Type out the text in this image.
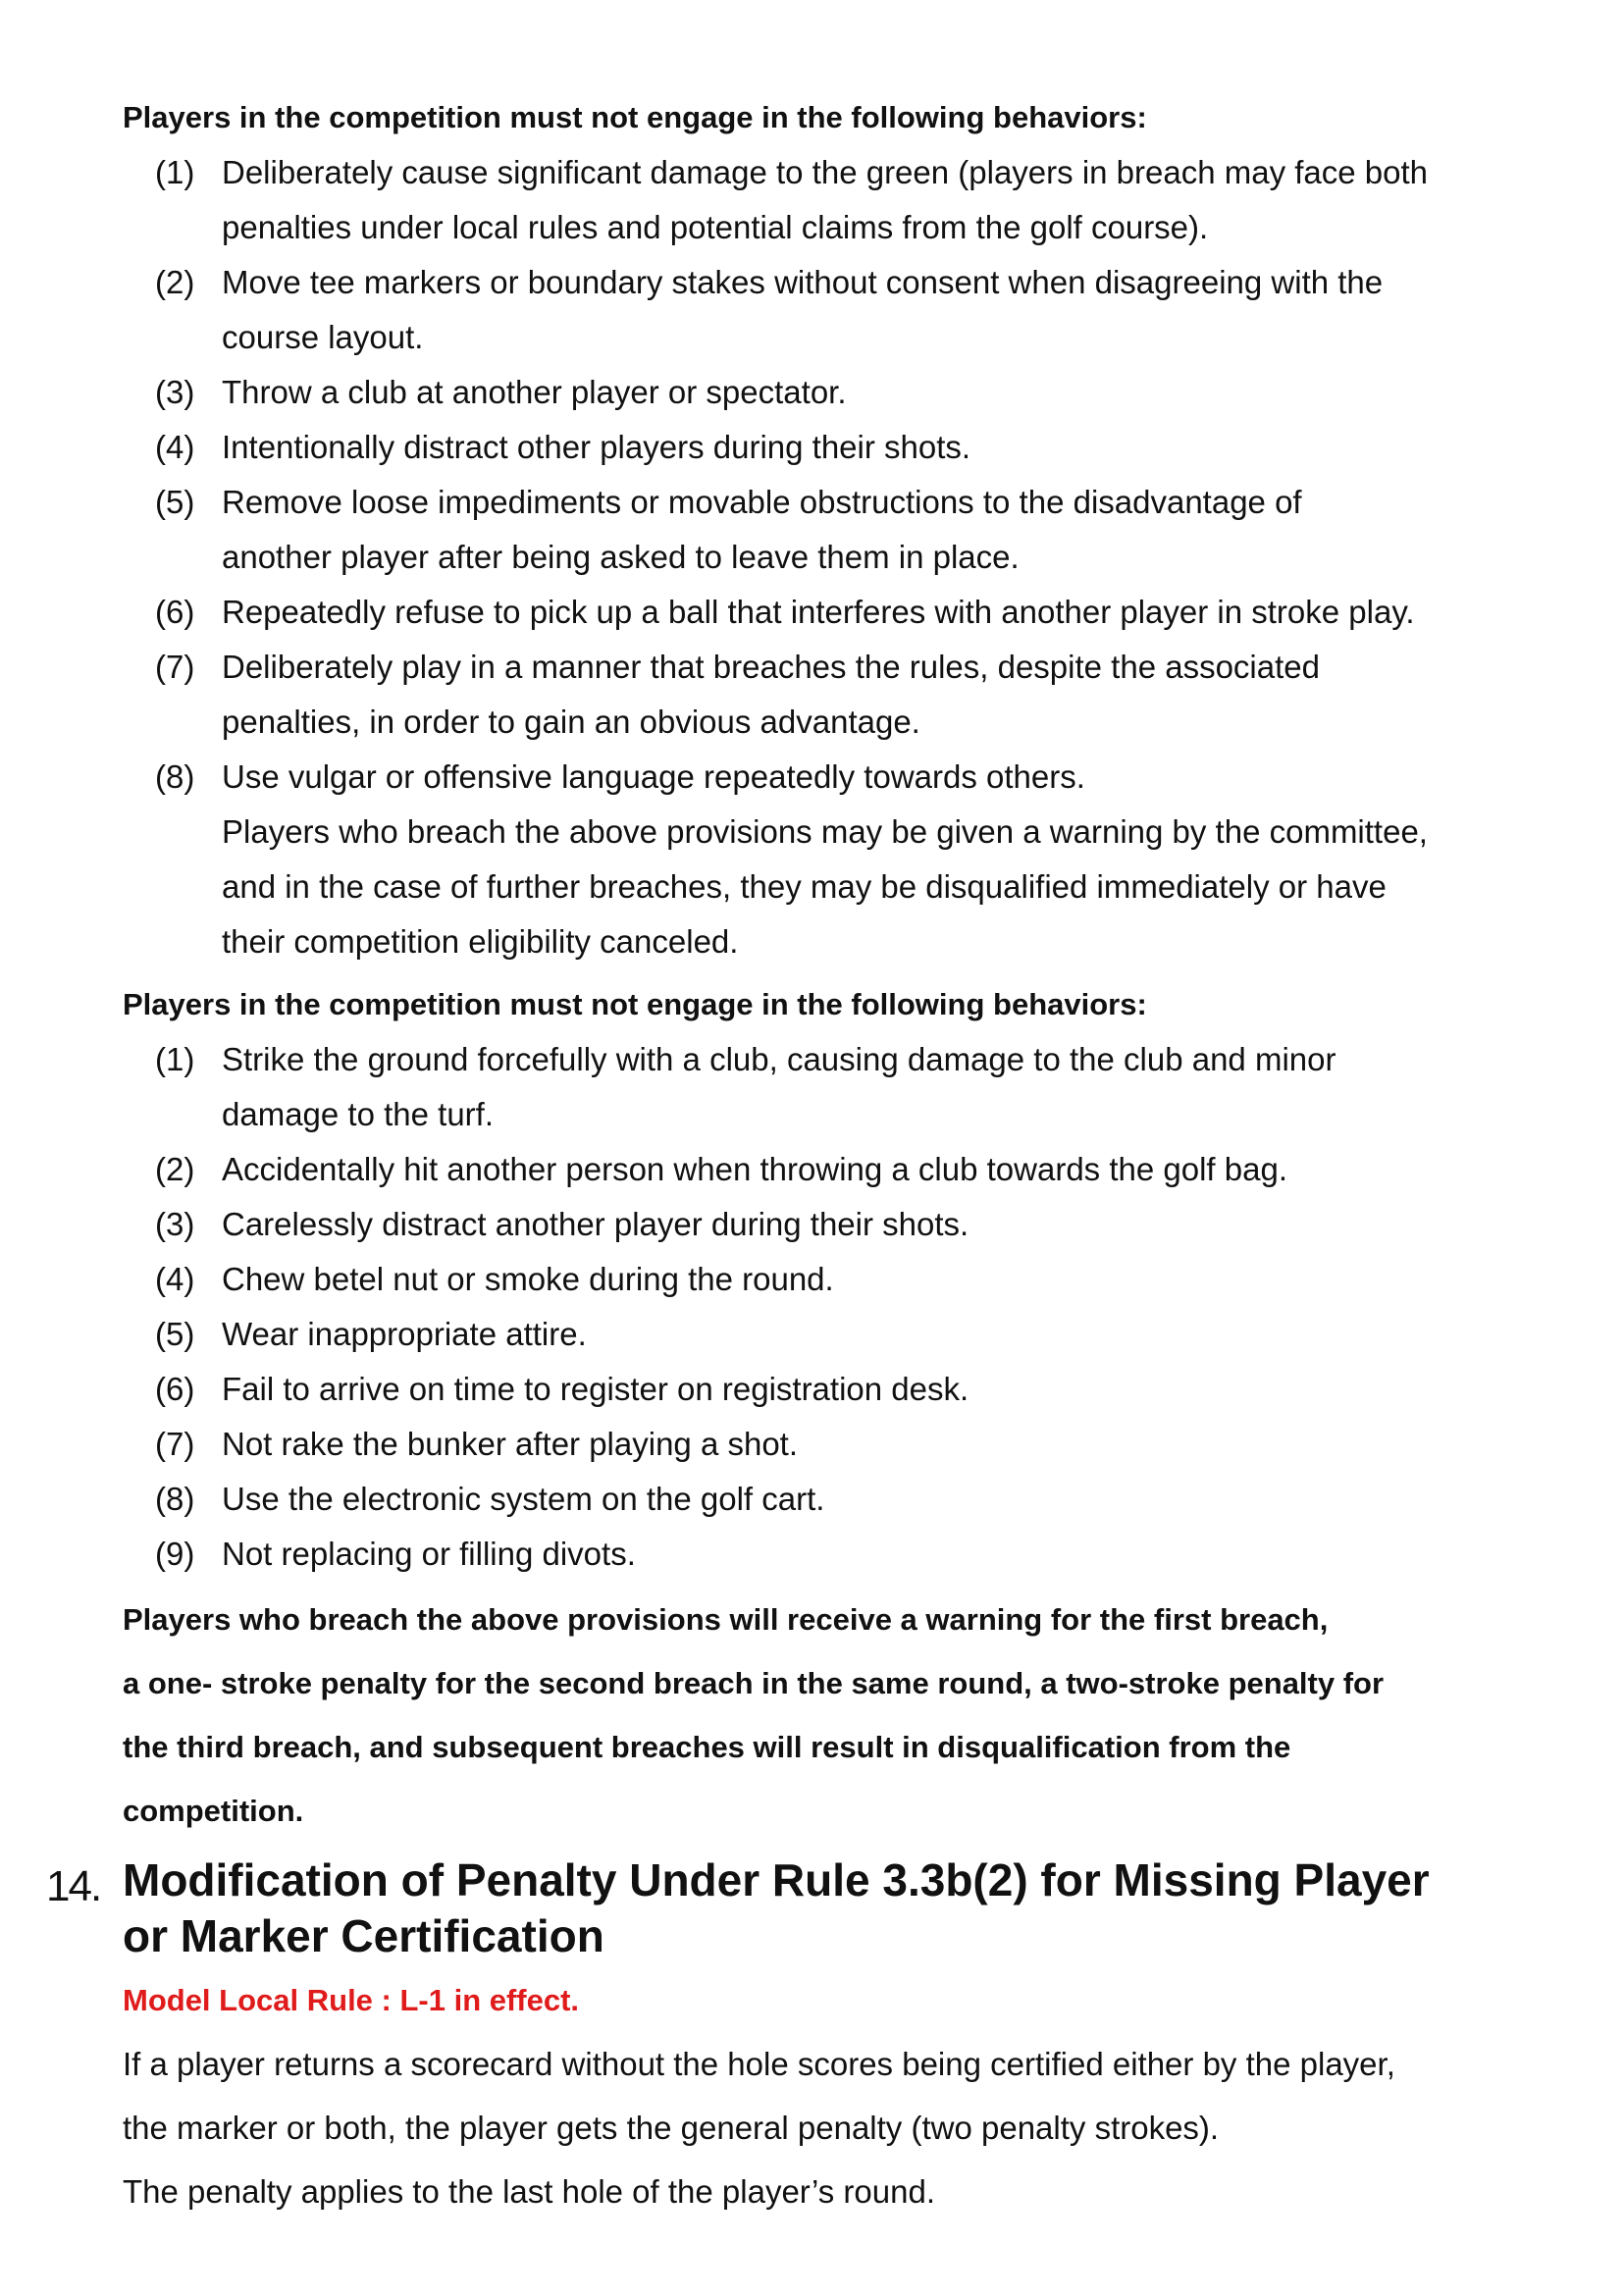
Players in the competition must not engage in the following behaviors:
(1) Deliberately cause significant damage to the green (players in breach may face both
penalties under local rules and potential claims from the golf course).
(2) Move tee markers or boundary stakes without consent when disagreeing with the
course layout.
(3) Throw a club at another player or spectator.
(4) Intentionally distract other players during their shots.
(5) Remove loose impediments or movable obstructions to the disadvantage of
another player after being asked to leave them in place.
(6) Repeatedly refuse to pick up a ball that interferes with another player in stroke play.
(7) Deliberately play in a manner that breaches the rules, despite the associated
penalties, in order to gain an obvious advantage.
(8) Use vulgar or offensive language repeatedly towards others.
Players who breach the above provisions may be given a warning by the committee,
and in the case of further breaches, they may be disqualified immediately or have
their competition eligibility canceled.
Players in the competition must not engage in the following behaviors:
(1) Strike the ground forcefully with a club, causing damage to the club and minor
damage to the turf.
(2) Accidentally hit another person when throwing a club towards the golf bag.
(3) Carelessly distract another player during their shots.
(4) Chew betel nut or smoke during the round.
(5) Wear inappropriate attire.
(6) Fail to arrive on time to register on registration desk.
(7) Not rake the bunker after playing a shot.
(8) Use the electronic system on the golf cart.
(9) Not replacing or filling divots.
Players who breach the above provisions will receive a warning for the first breach,
a one- stroke penalty for the second breach in the same round, a two-stroke penalty for
the third breach, and subsequent breaches will result in disqualification from the
competition.
14. Modification of Penalty Under Rule 3.3b(2) for Missing Player
or Marker Certification
Model Local Rule : L-1 in effect.
If a player returns a scorecard without the hole scores being certified either by the player,
the marker or both, the player gets the general penalty (two penalty strokes).
The penalty applies to the last hole of the player’s round.
